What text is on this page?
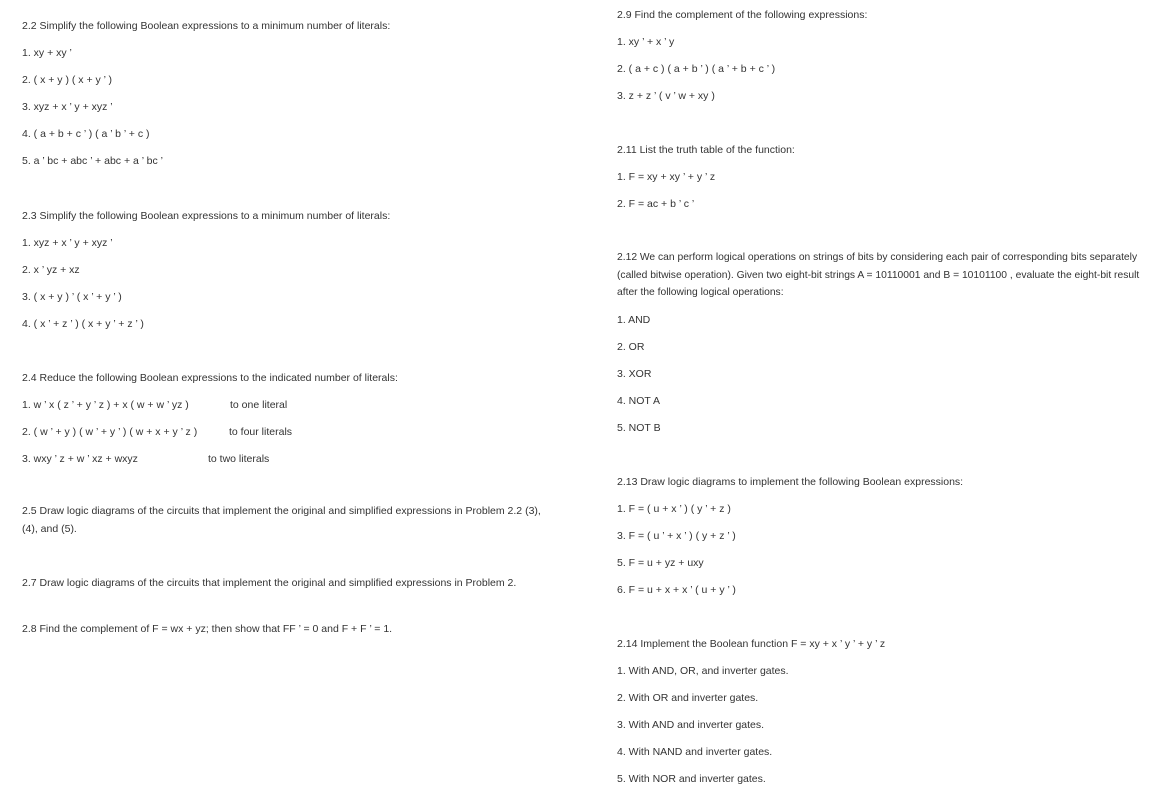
2.2 Simplify the following Boolean expressions to a minimum number of literals:
1. xy + xy ’
2. ( x + y ) ( x + y ’ )
3. xyz + x ’ y + xyz ’
4. ( a + b + c ’ ) ( a ’ b ’ + c )
5. a ’ bc + abc ’ + abc + a ’ bc ’
2.3 Simplify the following Boolean expressions to a minimum number of literals:
1. xyz + x ’ y + xyz ’
2. x ’ yz + xz
3. ( x + y ) ’ ( x ’ + y ’ )
4. ( x ’ + z ’ ) ( x + y ’ + z ’ )
2.4 Reduce the following Boolean expressions to the indicated number of literals:
1. w ’ x ( z ’ + y ’ z ) + x ( w + w ’ yz )	to one literal
2. ( w ’ + y ) ( w ’ + y ’ ) ( w + x + y ’ z )	to four literals
3. wxy ’ z + w ’ xz + wxyz	to two literals
2.5 Draw logic diagrams of the circuits that implement the original and simplified expressions in Problem 2.2 (3), (4), and (5).
2.7 Draw logic diagrams of the circuits that implement the original and simplified expressions in Problem 2.
2.8 Find the complement of F = wx + yz; then show that FF ’ = 0 and F + F ’ = 1.
2.9 Find the complement of the following expressions:
1. xy ’ + x ’ y
2. ( a + c ) ( a + b ’ ) ( a ’ + b + c ’ )
3. z + z ’ ( v ’ w + xy )
2.11 List the truth table of the function:
1. F = xy + xy ’ + y ’ z
2. F = ac + b ’ c ’
2.12 We can perform logical operations on strings of bits by considering each pair of corresponding bits separately (called bitwise operation). Given two eight-bit strings A = 10110001 and B = 10101100 , evaluate the eight-bit result after the following logical operations:
1. AND
2. OR
3. XOR
4. NOT A
5. NOT B
2.13 Draw logic diagrams to implement the following Boolean expressions:
1. F = ( u + x ’ ) ( y ’ + z )
3. F = ( u ’ + x ’ ) ( y + z ’ )
5. F = u + yz + uxy
6. F = u + x + x ’ ( u + y ’ )
2.14 Implement the Boolean function F = xy + x ’ y ’ + y ’ z
1. With AND, OR, and inverter gates.
2. With OR and inverter gates.
3. With AND and inverter gates.
4. With NAND and inverter gates.
5. With NOR and inverter gates.
